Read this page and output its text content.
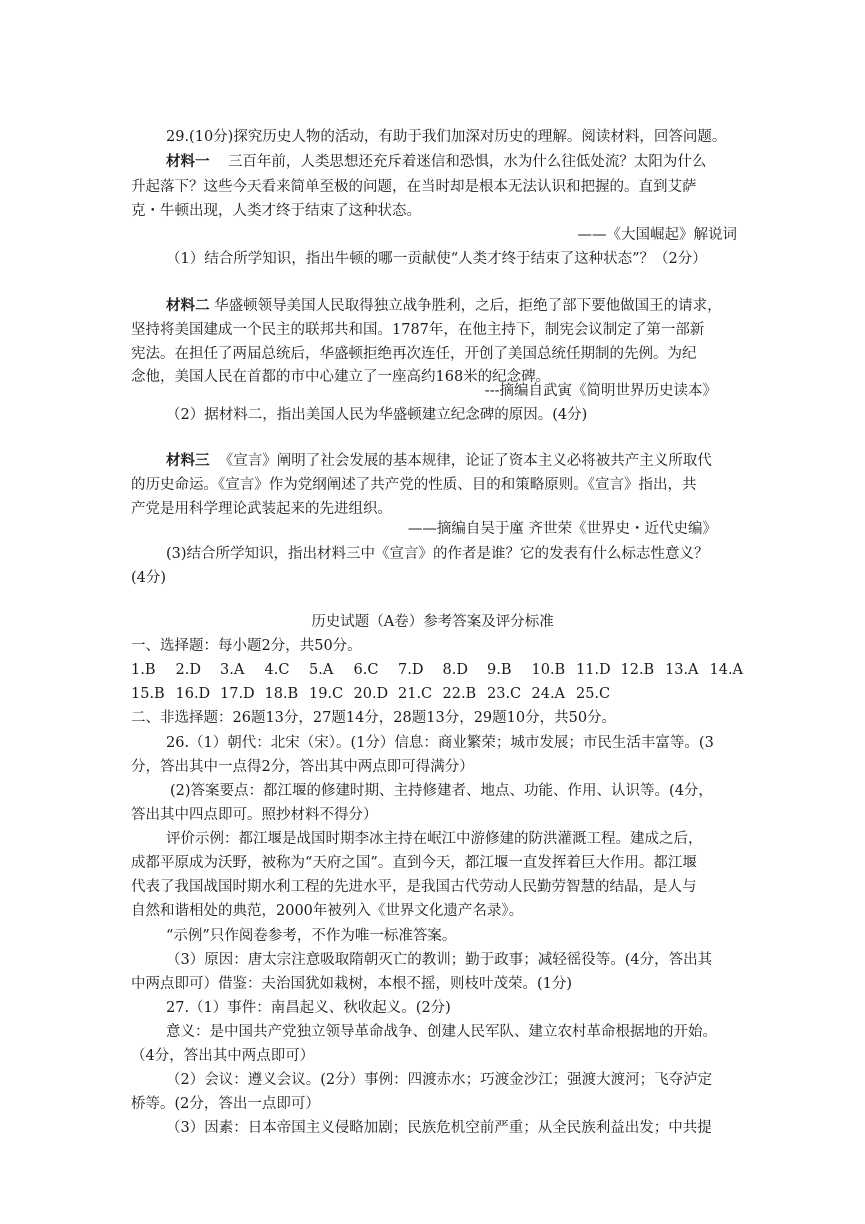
29.(10分)探究历史人物的活动，有助于我们加深对历史的理解。阅读材料，回答问题。
材料一 三百年前，人类思想还充斥着迷信和恐惧，水为什么往低处流？太阳为什么
升起落下？这些今天看来简单至极的问题，在当时却是根本无法认识和把握的。直到艾萨
克・牛顿出现，人类才终于结束了这种状态。
——《大国崛起》解说词
（1）结合所学知识，指出牛顿的哪一贡献使“人类才终于结束了这种状态”？（2分）
材料二 华盛顿领导美国人民取得独立战争胜利，之后，拒绝了部下要他做国王的请求，
坚持将美国建成一个民主的联邦共和国。1787年，在他主持下，制宪会议制定了第一部新
宪法。在担任了两届总统后，华盛顿拒绝再次连任，开创了美国总统任期制的先例。为纪
念他，美国人民在首都的市中心建立了一座高约168米的纪念碑。
---摘编自武寅《简明世界历史读本》
（2）据材料二，指出美国人民为华盛顿建立纪念碑的原因。(4分)
材料三 《宣言》阐明了社会发展的基本规律，论证了资本主义必将被共产主义所取代
的历史命运。《宣言》作为党纲阐述了共产党的性质、目的和策略原则。《宣言》指出，共
产党是用科学理论武装起来的先进组织。
——摘编自吴于廑 齐世荣《世界史・近代史编》
(3)结合所学知识，指出材料三中《宣言》的作者是谁？它的发表有什么标志性意义？
(4分)
历史试题（A卷）参考答案及评分标准
一、选择题：每小题2分，共50分。
1.B 2.D 3.A 4.C 5.A 6.C 7.D 8.D 9.B 10.B 11.D 12.B 13.A 14.A
15.B 16.D 17.D 18.B 19.C 20.D 21.C 22.B 23.C 24.A 25.C
二、非选择题：26题13分，27题14分，28题13分，29题10分，共50分。
26.（1）朝代：北宋（宋）。(1分）信息：商业繁荣；城市发展；市民生活丰富等。(3
分，答出其中一点得2分，答出其中两点即可得满分）
(2)答案要点：都江堰的修建时期、主持修建者、地点、功能、作用、认识等。(4分，
答出其中四点即可。照抄材料不得分）
评价示例：都江堰是战国时期李冰主持在岷江中游修建的防洪灌溉工程。建成之后，
成都平原成为沃野，被称为“天府之国”。直到今天，都江堰一直发挥着巨大作用。都江堰
代表了我国战国时期水利工程的先进水平，是我国古代劳动人民勤劳智慧的结晶，是人与
自然和谐相处的典范，2000年被列入《世界文化遗产名录》。
“示例”只作阅卷参考，不作为唯一标准答案。
（3）原因：唐太宗注意吸取隋朝灭亡的教训；勤于政事；减轻徭役等。(4分，答出其
中两点即可）借鉴：夫治国犹如栽树，本根不摇，则枝叶茂荣。(1分)
27.（1）事件：南昌起义、秋收起义。(2分)
意义：是中国共产党独立领导革命战争、创建人民军队、建立农村革命根据地的开始。
（4分，答出其中两点即可）
（2）会议：遵义会议。(2分）事例：四渡赤水；巧渡金沙江；强渡大渡河；飞夺泸定
桥等。(2分，答出一点即可）
（3）因素：日本帝国主义侵略加剧；民族危机空前严重；从全民族利益出发；中共提
